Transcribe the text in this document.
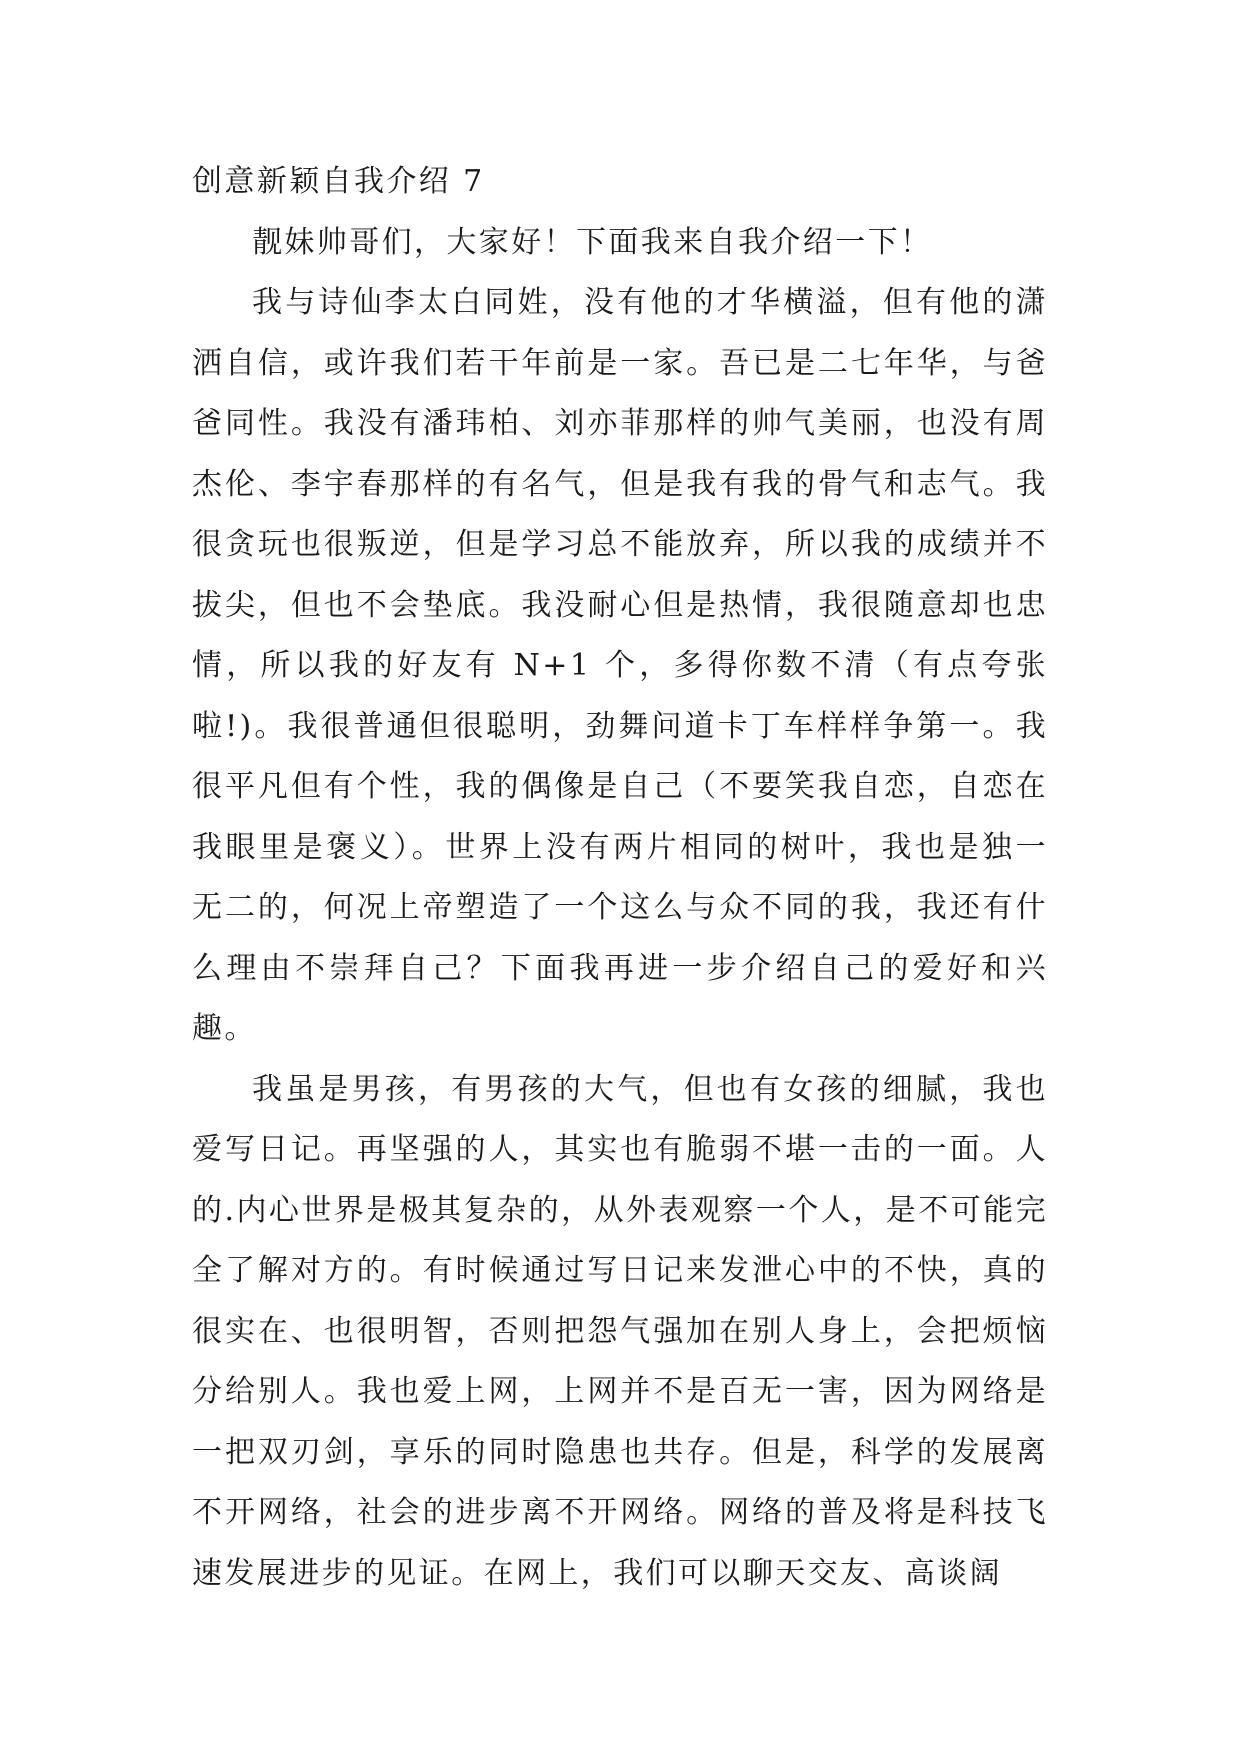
创意新颖自我介绍 7

靓妹帅哥们，大家好！下面我来自我介绍一下！

我与诗仙李太白同姓，没有他的才华横溢，但有他的潇洒自信，或许我们若干年前是一家。吾已是二七年华，与爸爸同性。我没有潘玮柏、刘亦菲那样的帅气美丽，也没有周杰伦、李宇春那样的有名气，但是我有我的骨气和志气。我很贪玩也很叛逆，但是学习总不能放弃，所以我的成绩并不拔尖，但也不会垫底。我没耐心但是热情，我很随意却也忠情，所以我的好友有 N+1 个，多得你数不清（有点夸张啦!)。我很普通但很聪明，劲舞问道卡丁车样样争第一。我很平凡但有个性，我的偶像是自己（不要笑我自恋，自恋在我眼里是褒义）。世界上没有两片相同的树叶，我也是独一无二的，何况上帝塑造了一个这么与众不同的我，我还有什么理由不崇拜自己？下面我再进一步介绍自己的爱好和兴趣。

我虽是男孩，有男孩的大气，但也有女孩的细腻，我也爱写日记。再坚强的人，其实也有脆弱不堪一击的一面。人的.内心世界是极其复杂的，从外表观察一个人，是不可能完全了解对方的。有时候通过写日记来发泄心中的不快，真的很实在、也很明智，否则把怨气强加在别人身上，会把烦恼分给别人。我也爱上网，上网并不是百无一害，因为网络是一把双刃剑，享乐的同时隐患也共存。但是，科学的发展离不开网络，社会的进步离不开网络。网络的普及将是科技飞速发展进步的见证。在网上，我们可以聊天交友、高谈阔
